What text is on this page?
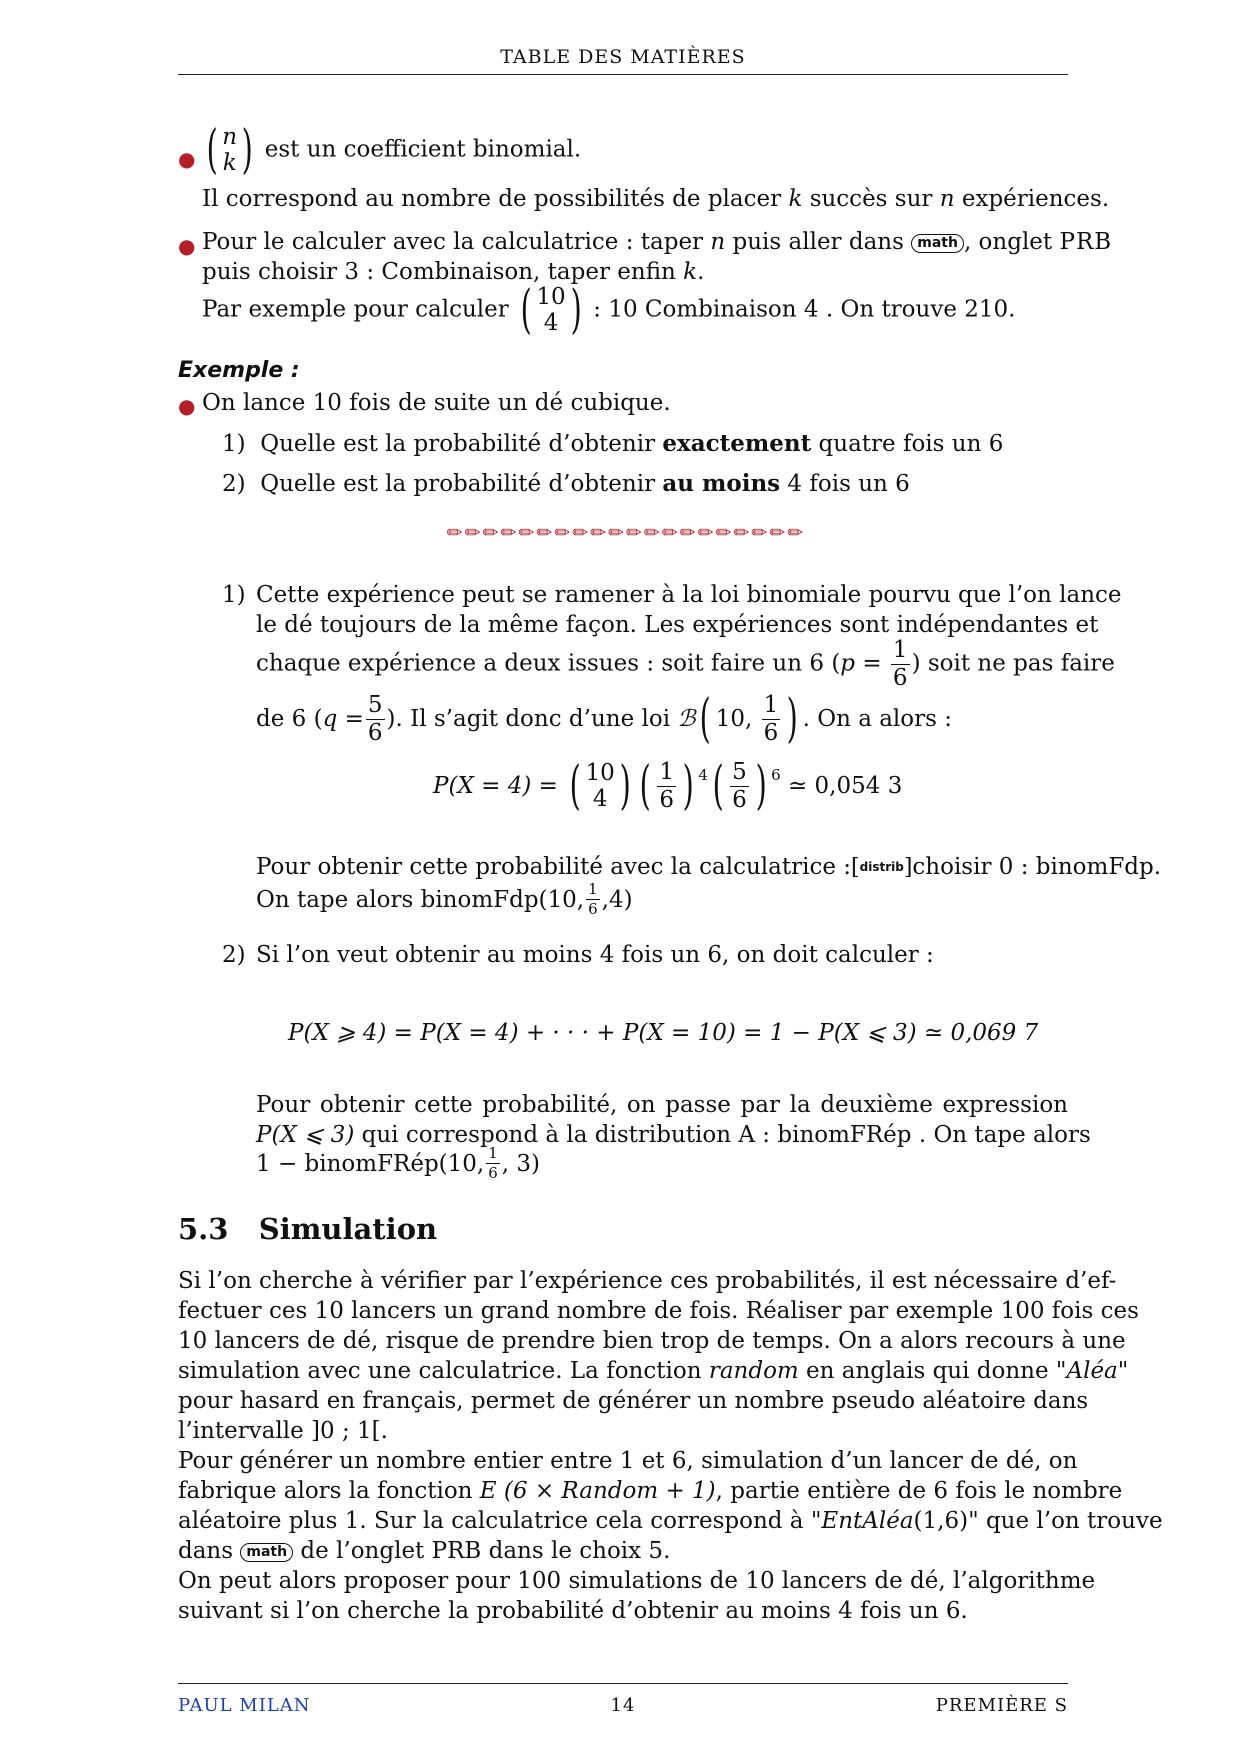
TABLE DES MATIÈRES
● ( n
k ) est un coefficient binomial.
Il correspond au nombre de possibilités de placer k succès sur n expériences.
● Pour le calculer avec la calculatrice : taper n puis aller dans math , onglet PRB
puis choisir 3 : Combinaison, taper enfin k.
Par exemple pour calculer ( 10
4 ) : 10 Combinaison 4 . On trouve 210.
Exemple :
● On lance 10 fois de suite un dé cubique.
1) Quelle est la probabilité d’obtenir exactement quatre fois un 6
2) Quelle est la probabilité d’obtenir au moins 4 fois un 6
✏✏✏✏✏✏✏✏✏✏✏✏✏✏✏✏✏✏✏✏
1) Cette expérience peut se ramener à la loi binomiale pourvu que l’on lance
le dé toujours de la même façon. Les expériences sont indépendantes et
chaque expérience a deux issues : soit faire un 6 ($p = \frac{1}{6}$ ) soit ne pas faire
de 6 ( $q = \frac{5}{6}$ ). Il s’agit donc d’une loi
ℬ ( 10,
$\frac{1}{6}$ ) . On a alors :
P(X = 4) =
( 10
4 ) ( $\frac{1}{6}$ ) $^4$ ( $\frac{5}{6}$ ) $^6$
≃ 0,054 3
Pour obtenir cette probabilité avec la calculatrice :[distrib]choisir 0 : binomFdp.
On tape alors binomFdp(10, $\frac{1}{6} ,4$)
2) Si l’on veut obtenir au moins 4 fois un 6, on doit calculer :
P(X ⩾ 4) = P(X = 4) + · · · + P(X = 10) = 1 − P(X ⩽ 3) ≃ 0,069 7
Pour obtenir cette probabilité, on passe par la deuxième expression
P(X ⩽ 3) qui correspond à la distribution A : binomFRép . On tape alors
1 − binomFRép(10, $\frac{1}{6}$ , 3)
5.3 Simulation
Si l’on cherche à vérifier par l’expérience ces probabilités, il est nécessaire d’ef-
fectuer ces 10 lancers un grand nombre de fois. Réaliser par exemple 100 fois ces
10 lancers de dé, risque de prendre bien trop de temps. On a alors recours à une
simulation avec une calculatrice. La fonction random en anglais qui donne "Aléa"
pour hasard en français, permet de générer un nombre pseudo aléatoire dans
l’intervalle ]0 ; 1[.
Pour générer un nombre entier entre 1 et 6, simulation d’un lancer de dé, on
fabrique alors la fonction E (6 × Random + 1), partie entière de 6 fois le nombre
aléatoire plus 1. Sur la calculatrice cela correspond à "EntAléa(1,6)" que l’on trouve
dans math de l’onglet PRB dans le choix 5.
On peut alors proposer pour 100 simulations de 10 lancers de dé, l’algorithme
suivant si l’on cherche la probabilité d’obtenir au moins 4 fois un 6.
PAUL MILAN	14	PREMIÈRE S
